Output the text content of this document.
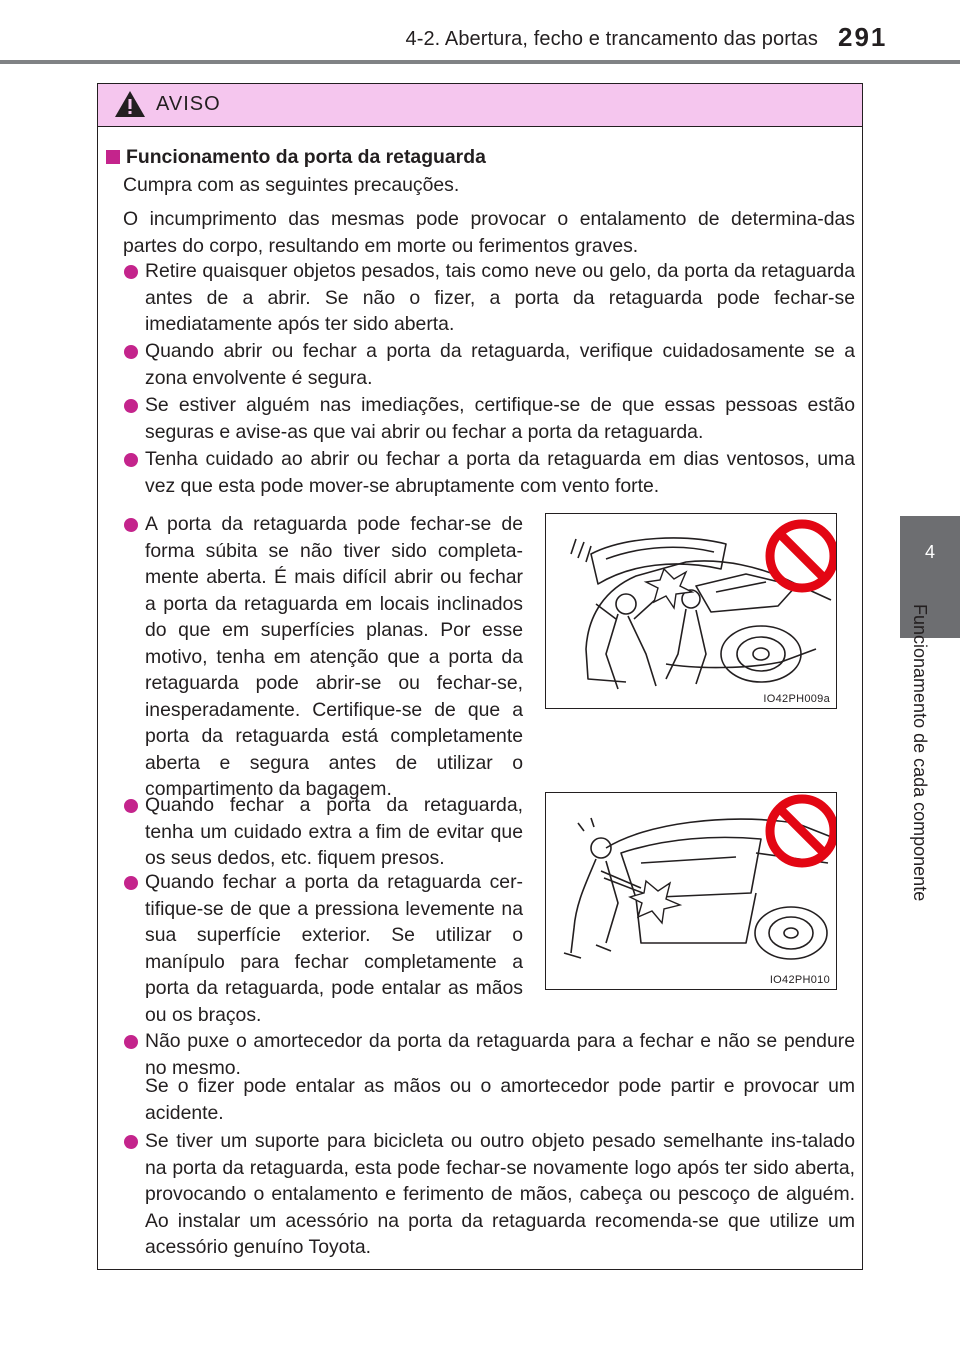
4-2. Abertura, fecho e trancamento das portas 291
4
Funcionamento de cada componente
AVISO
Funcionamento da porta da retaguarda
Cumpra com as seguintes precauções.
O incumprimento das mesmas pode provocar o entalamento de determina-das partes do corpo, resultando em morte ou ferimentos graves.
Retire quaisquer objetos pesados, tais como neve ou gelo, da porta da retaguarda antes de a abrir. Se não o fizer, a porta da retaguarda pode fechar-se imediatamente após ter sido aberta.
Quando abrir ou fechar a porta da retaguarda, verifique cuidadosamente se a zona envolvente é segura.
Se estiver alguém nas imediações, certifique-se de que essas pessoas estão seguras e avise-as que vai abrir ou fechar a porta da retaguarda.
Tenha cuidado ao abrir ou fechar a porta da retaguarda em dias ventosos, uma vez que esta pode mover-se abruptamente com vento forte.
A porta da retaguarda pode fechar-se de forma súbita se não tiver sido completa-mente aberta. É mais difícil abrir ou fechar a porta da retaguarda em locais inclinados do que em superfícies planas. Por esse motivo, tenha em atenção que a porta da retaguarda pode abrir-se ou fechar-se, inesperadamente. Certifique-se de que a porta da retaguarda está completamente aberta e segura antes de utilizar o compartimento da bagagem.
IO42PH009a
Quando fechar a porta da retaguarda, tenha um cuidado extra a fim de evitar que os seus dedos, etc. fiquem presos.
Quando fechar a porta da retaguarda cer-tifique-se de que a pressiona levemente na sua superfície exterior. Se utilizar o manípulo para fechar completamente a porta da retaguarda, pode entalar as mãos ou os braços.
IO42PH010
Não puxe o amortecedor da porta da retaguarda para a fechar e não se pendure no mesmo.
Se o fizer pode entalar as mãos ou o amortecedor pode partir e provocar um acidente.
Se tiver um suporte para bicicleta ou outro objeto pesado semelhante ins-talado na porta da retaguarda, esta pode fechar-se novamente logo após ter sido aberta, provocando o entalamento e ferimento de mãos, cabeça ou pescoço de alguém. Ao instalar um acessório na porta da retaguarda recomenda-se que utilize um acessório genuíno Toyota.
